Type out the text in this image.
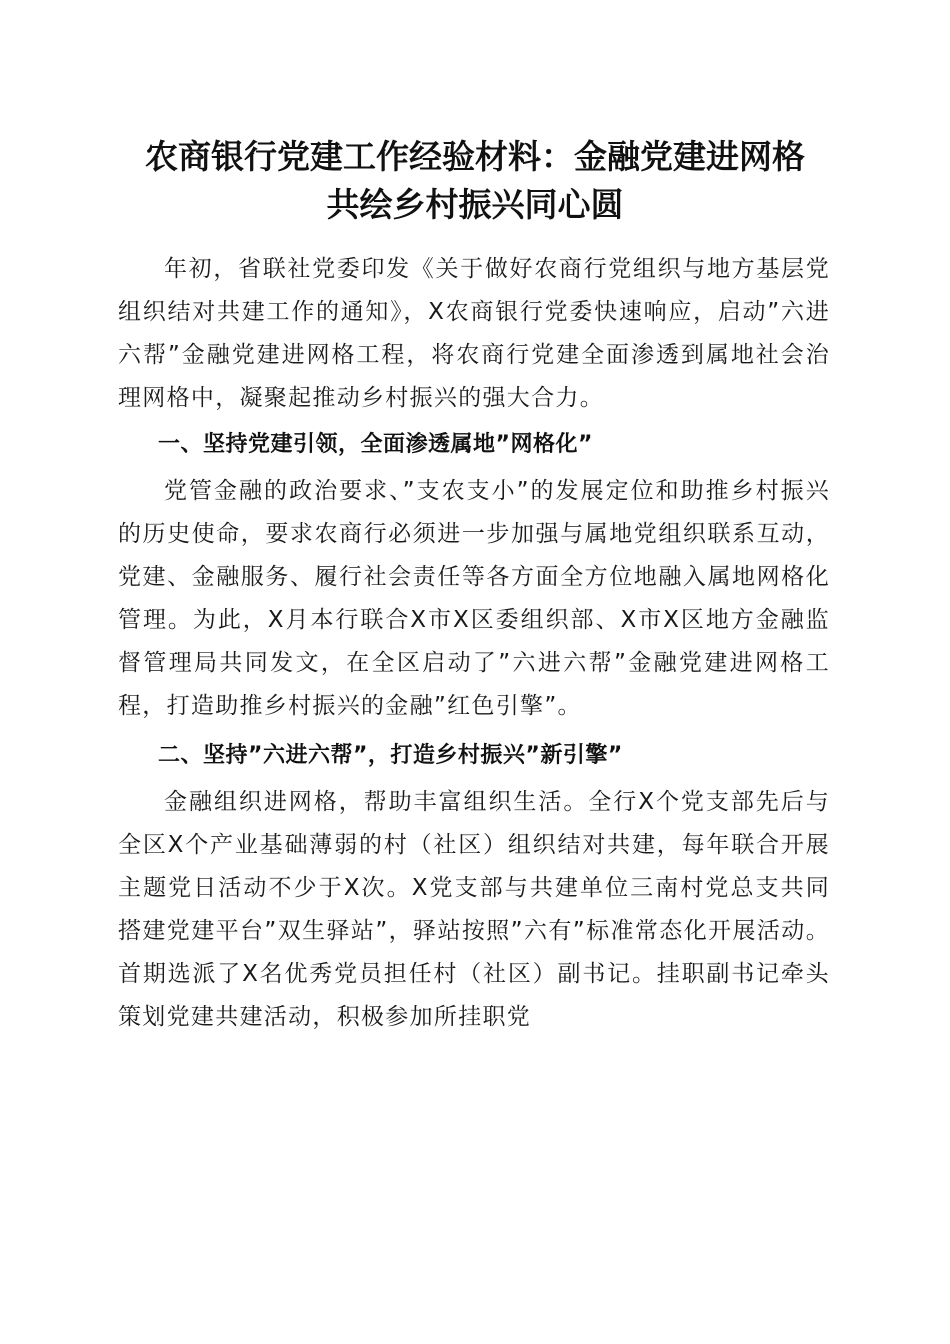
农商银行党建工作经验材料：金融党建进网格
共绘乡村振兴同心圆

年初，省联社党委印发《关于做好农商行党组织与地方基层党组织结对共建工作的通知》，X农商银行党委快速响应，启动”六进六帮”金融党建进网格工程，将农商行党建全面渗透到属地社会治理网格中，凝聚起推动乡村振兴的强大合力。

一、坚持党建引领，全面渗透属地”网格化”

党管金融的政治要求、”支农支小”的发展定位和助推乡村振兴的历史使命，要求农商行必须进一步加强与属地党组织联系互动，党建、金融服务、履行社会责任等各方面全方位地融入属地网格化管理。为此，X月本行联合X市X区委组织部、X市X区地方金融监督管理局共同发文，在全区启动了”六进六帮”金融党建进网格工程，打造助推乡村振兴的金融”红色引擎”。

二、坚持”六进六帮”，打造乡村振兴”新引擎”

金融组织进网格，帮助丰富组织生活。全行X个党支部先后与全区X个产业基础薄弱的村（社区）组织结对共建，每年联合开展主题党日活动不少于X次。X党支部与共建单位三南村党总支共同搭建党建平台”双生驿站”，驿站按照”六有”标准常态化开展活动。首期选派了X名优秀党员担任村（社区）副书记。挂职副书记牵头策划党建共建活动，积极参加所挂职党
